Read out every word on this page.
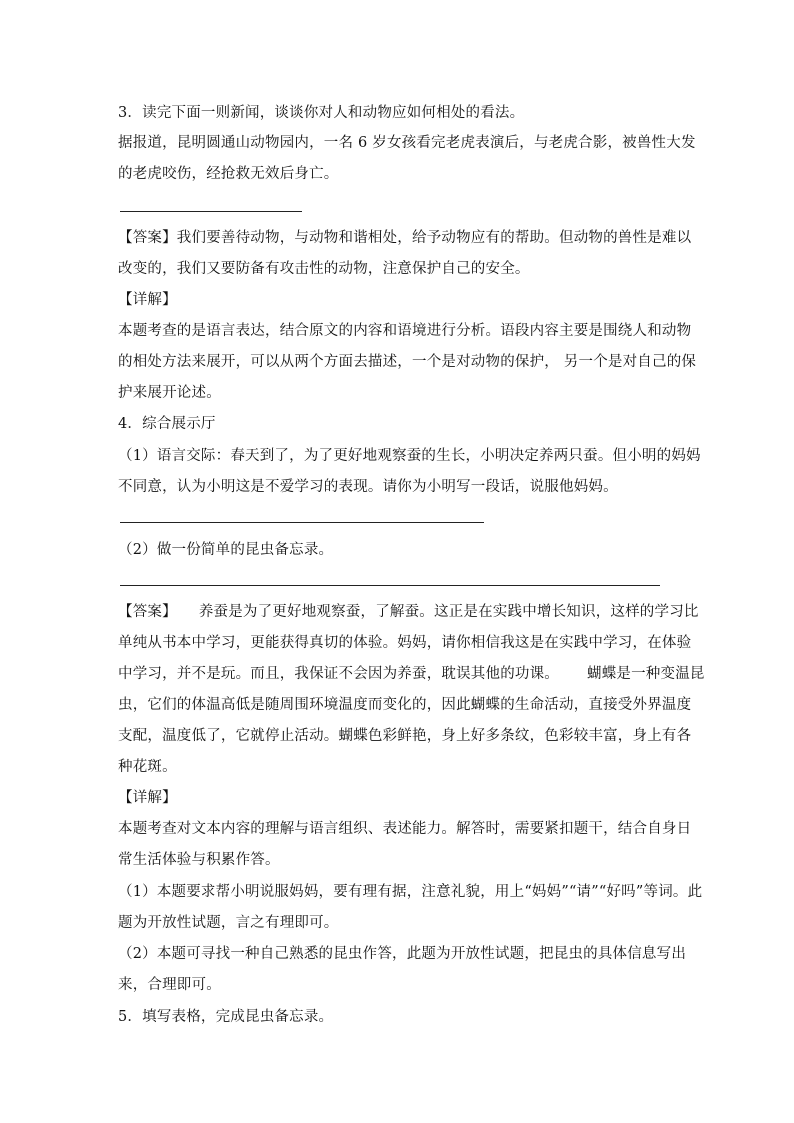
3．读完下面一则新闻，谈谈你对人和动物应如何相处的看法。
据报道，昆明圆通山动物园内，一名 6 岁女孩看完老虎表演后，与老虎合影，被兽性大发
的老虎咬伤，经抢救无效后身亡。
【答案】我们要善待动物，与动物和谐相处，给予动物应有的帮助。但动物的兽性是难以
改变的，我们又要防备有攻击性的动物，注意保护自己的安全。
【详解】
本题考查的是语言表达，结合原文的内容和语境进行分析。语段内容主要是围绕人和动物
的相处方法来展开，可以从两个方面去描述，一个是对动物的保护， 另一个是对自己的保
护来展开论述。
4．综合展示厅
（1）语言交际：春天到了，为了更好地观察蚕的生长，小明决定养两只蚕。但小明的妈妈
不同意，认为小明这是不爱学习的表现。请你为小明写一段话，说服他妈妈。
（2）做一份简单的昆虫备忘录。
【答案】 养蚕是为了更好地观察蚕，了解蚕。这正是在实践中增长知识，这样的学习比
单纯从书本中学习，更能获得真切的体验。妈妈，请你相信我这是在实践中学习，在体验
中学习，并不是玩。而且，我保证不会因为养蚕，耽误其他的功课。 蝴蝶是一种变温昆
虫，它们的体温高低是随周围环境温度而变化的，因此蝴蝶的生命活动，直接受外界温度
支配，温度低了，它就停止活动。蝴蝶色彩鲜艳，身上好多条纹，色彩较丰富，身上有各
种花斑。
【详解】
本题考查对文本内容的理解与语言组织、表述能力。解答时，需要紧扣题干，结合自身日
常生活体验与积累作答。
（1）本题要求帮小明说服妈妈，要有理有据，注意礼貌，用上“妈妈”“请”“好吗”等词。此
题为开放性试题，言之有理即可。
（2）本题可寻找一种自己熟悉的昆虫作答，此题为开放性试题，把昆虫的具体信息写出
来，合理即可。
5．填写表格，完成昆虫备忘录。
